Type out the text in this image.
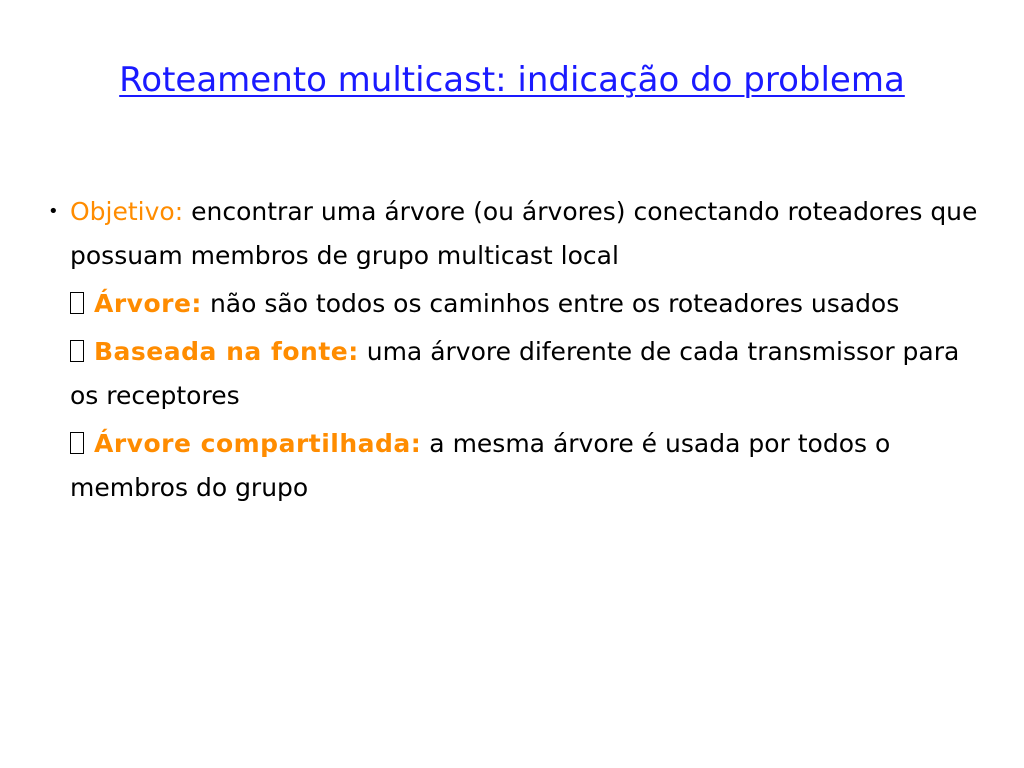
Roteamento multicast: indicação do problema
• Objetivo: encontrar uma árvore (ou árvores) conectando roteadores que possuam membros de grupo multicast local
Árvore: não são todos os caminhos entre os roteadores usados
Baseada na fonte: uma árvore diferente de cada transmissor para os receptores
Árvore compartilhada: a mesma árvore é usada por todos o membros do grupo
